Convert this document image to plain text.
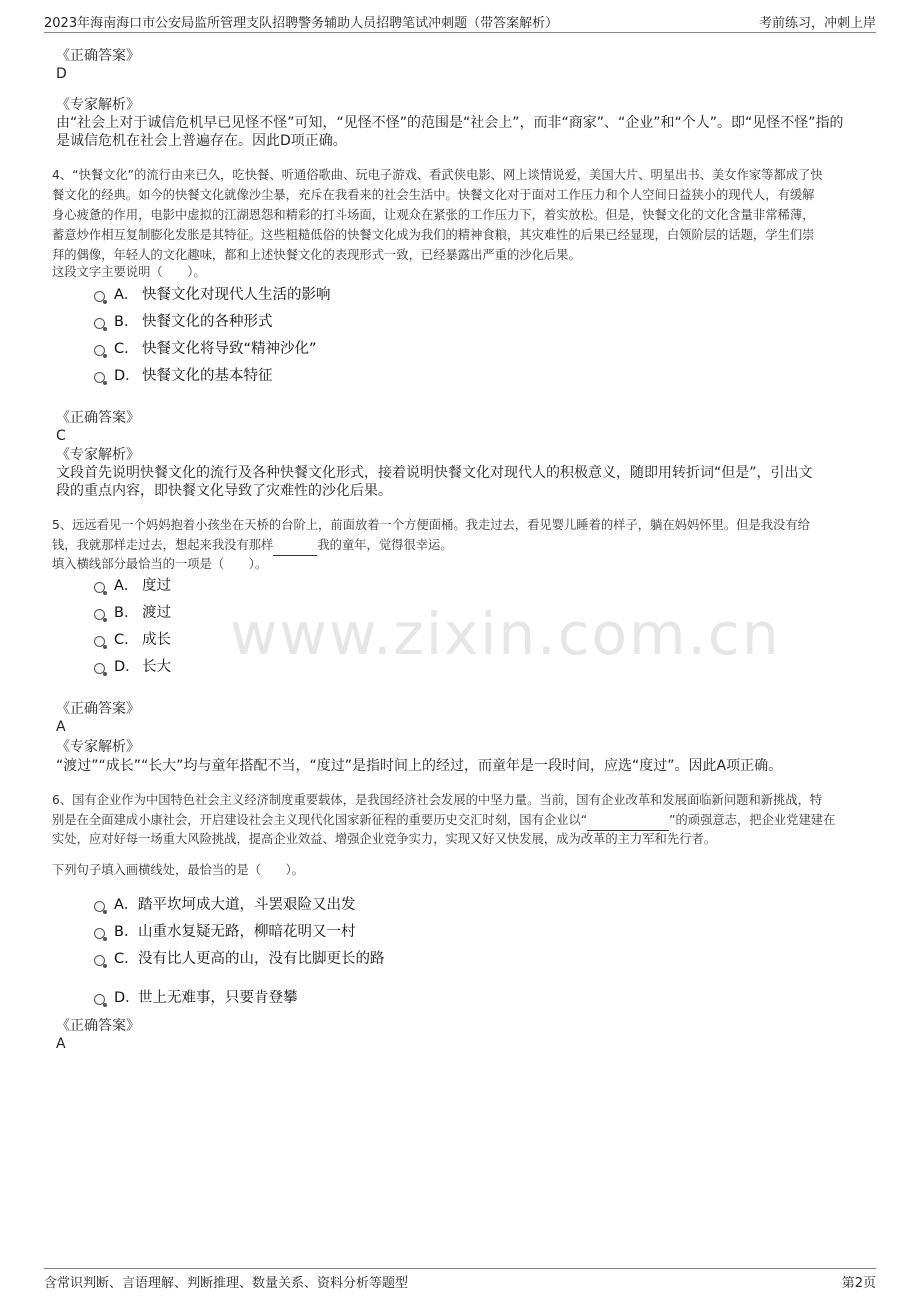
2023年海南海口市公安局监所管理支队招聘警务辅助人员招聘笔试冲刺题（带答案解析）	考前练习，冲刺上岸
www.zixin.com.cn
《正确答案》
D
《专家解析》
由“社会上对于诚信危机早已见怪不怪”可知，“见怪不怪”的范围是“社会上”，而非“商家”、“企业”和“个人”。即“见怪不怪”指的
是诚信危机在社会上普遍存在。因此D项正确。
4、“快餐文化”的流行由来已久，吃快餐、听通俗歌曲、玩电子游戏、看武侠电影、网上谈情说爱，美国大片、明星出书、美女作家等都成了快
餐文化的经典。如今的快餐文化就像沙尘暴，充斥在我看来的社会生活中。快餐文化对于面对工作压力和个人空间日益狭小的现代人，有缓解
身心疲惫的作用，电影中虚拟的江湖恩怨和精彩的打斗场面，让观众在紧张的工作压力下，着实放松。但是，快餐文化的文化含量非常稀薄，
蓄意炒作相互复制膨化发胀是其特征。这些粗糙低俗的快餐文化成为我们的精神食粮，其灾难性的后果已经显现，白领阶层的话题，学生们崇
拜的偶像，年轻人的文化趣味，都和上述快餐文化的表现形式一致，已经暴露出严重的沙化后果。
这段文字主要说明（　　）。
A． 快餐文化对现代人生活的影响
B． 快餐文化的各种形式
C． 快餐文化将导致“精神沙化”
D． 快餐文化的基本特征
《正确答案》
C
《专家解析》
文段首先说明快餐文化的流行及各种快餐文化形式，接着说明快餐文化对现代人的积极意义，随即用转折词“但是”，引出文
段的重点内容，即快餐文化导致了灾难性的沙化后果。
5、远远看见一个妈妈抱着小孩坐在天桥的台阶上，前面放着一个方便面桶。我走过去，看见婴儿睡着的样子，躺在妈妈怀里。但是我没有给
钱，我就那样走过去，想起来我没有那样	我的童年，觉得很幸运。
填入横线部分最恰当的一项是（　　）。
A． 度过
B． 渡过
C． 成长
D． 长大
《正确答案》
A
《专家解析》
“渡过”“成长”“长大”均与童年搭配不当，“度过”是指时间上的经过，而童年是一段时间，应选“度过”。因此A项正确。
6、国有企业作为中国特色社会主义经济制度重要载体，是我国经济社会发展的中坚力量。当前，国有企业改革和发展面临新问题和新挑战，特
别是在全面建成小康社会，开启建设社会主义现代化国家新征程的重要历史交汇时刻，国有企业以“	”的顽强意志，把企业党建建在
实处，应对好每一场重大风险挑战，提高企业效益、增强企业竞争实力，实现又好又快发展，成为改革的主力军和先行者。
下列句子填入画横线处，最恰当的是（　　）。
A． 踏平坎坷成大道，斗罢艰险又出发
B． 山重水复疑无路，柳暗花明又一村
C． 没有比人更高的山，没有比脚更长的路
D．
世上无难事，只要肯登攀
《正确答案》
A
含常识判断、言语理解、判断推理、数量关系、资料分析等题型	第2页
